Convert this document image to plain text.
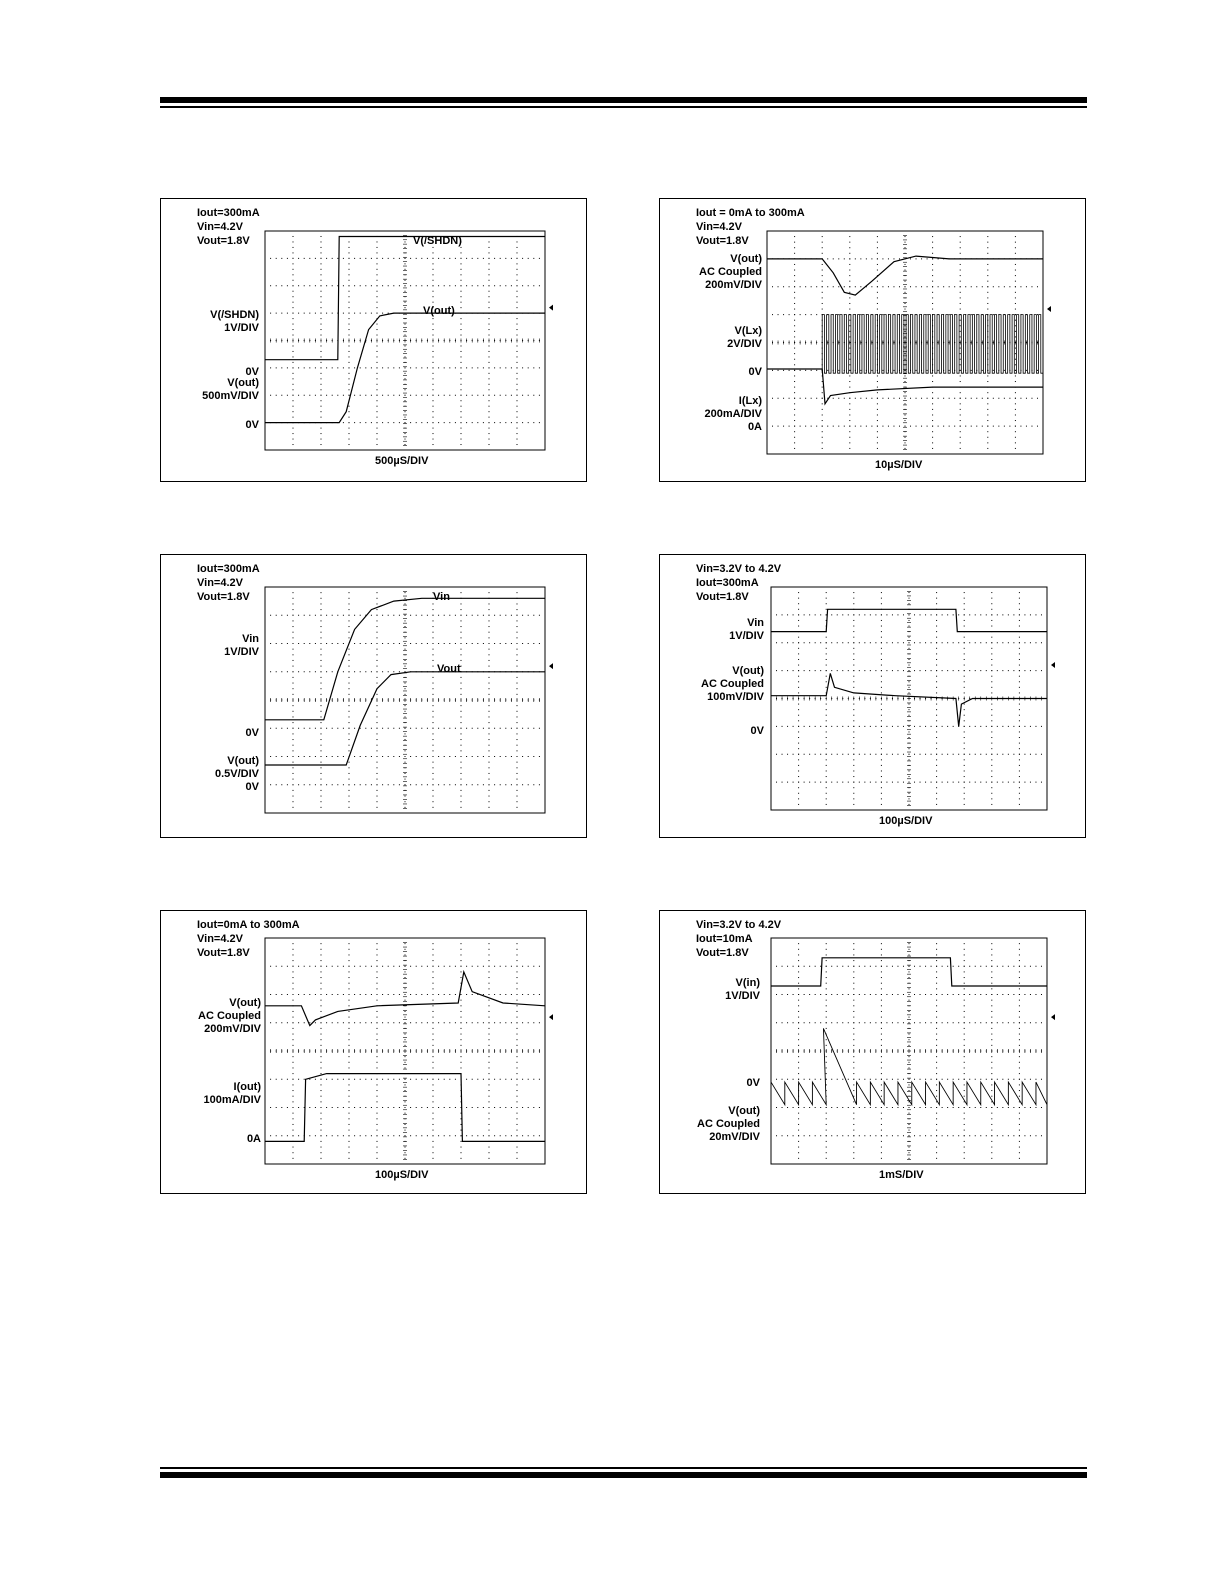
Iout=300mA
Vin=4.2V
Vout=1.8V
V(/SHDN)
1V/DIV
0V
V(out)
500mV/DIV
0V
V(/SHDN)
V(out)
500µS/DIV
Iout = 0mA to 300mA
Vin=4.2V
Vout=1.8V
V(out)
AC Coupled
200mV/DIV
V(Lx)
2V/DIV
0V
I(Lx)
200mA/DIV
0A
10µS/DIV
Iout=300mA
Vin=4.2V
Vout=1.8V
Vin
1V/DIV
0V
V(out)
0.5V/DIV
0V
Vin
Vout
Vin=3.2V to 4.2V
Iout=300mA
Vout=1.8V
Vin
1V/DIV
V(out)
AC Coupled
100mV/DIV
0V
100µS/DIV
Iout=0mA to 300mA
Vin=4.2V
Vout=1.8V
V(out)
AC Coupled
200mV/DIV
I(out)
100mA/DIV
0A
100µS/DIV
Vin=3.2V to 4.2V
Iout=10mA
Vout=1.8V
V(in)
1V/DIV
0V
V(out)
AC Coupled
20mV/DIV
1mS/DIV
